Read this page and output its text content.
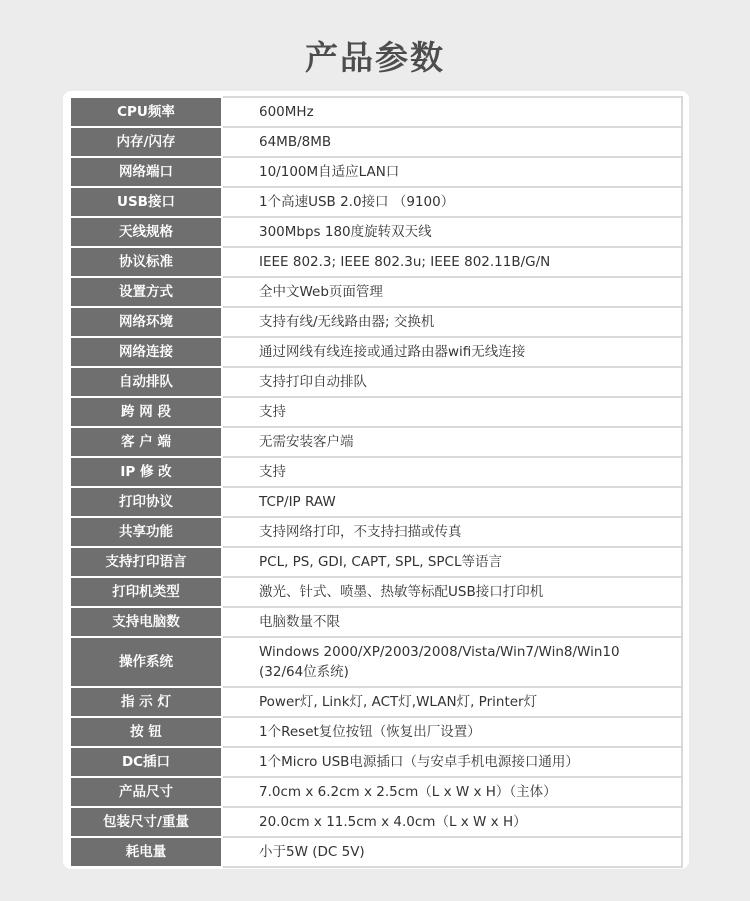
产品参数
CPU频率	600MHz
内存/闪存	64MB/8MB
网络端口	10/100M自适应LAN口
USB接口	1个高速USB 2.0接口 （9100）
天线规格	300Mbps 180度旋转双天线
协议标准	IEEE 802.3; IEEE 802.3u; IEEE 802.11B/G/N
设置方式	全中文Web页面管理
网络环境	支持有线/无线路由器; 交换机
网络连接	通过网线有线连接或通过路由器wifi无线连接
自动排队	支持打印自动排队
跨 网 段	支持
客 户 端	无需安装客户端
IP 修 改	支持
打印协议	TCP/IP RAW
共享功能	支持网络打印，不支持扫描或传真
支持打印语言	PCL, PS, GDI, CAPT, SPL, SPCL等语言
打印机类型	激光、针式、喷墨、热敏等标配USB接口打印机
支持电脑数	电脑数量不限
操作系统	Windows 2000/XP/2003/2008/Vista/Win7/Win8/Win10
(32/64位系统)

指 示 灯	Power灯, Link灯, ACT灯,WLAN灯, Printer灯
按 钮	1个Reset复位按钮（恢复出厂设置）
DC插口	1个Micro USB电源插口（与安卓手机电源接口通用）
产品尺寸	7.0cm x 6.2cm x 2.5cm（L x W x H）（主体）
包装尺寸/重量	20.0cm x 11.5cm x 4.0cm（L x W x H）
耗电量	小于5W (DC 5V)
